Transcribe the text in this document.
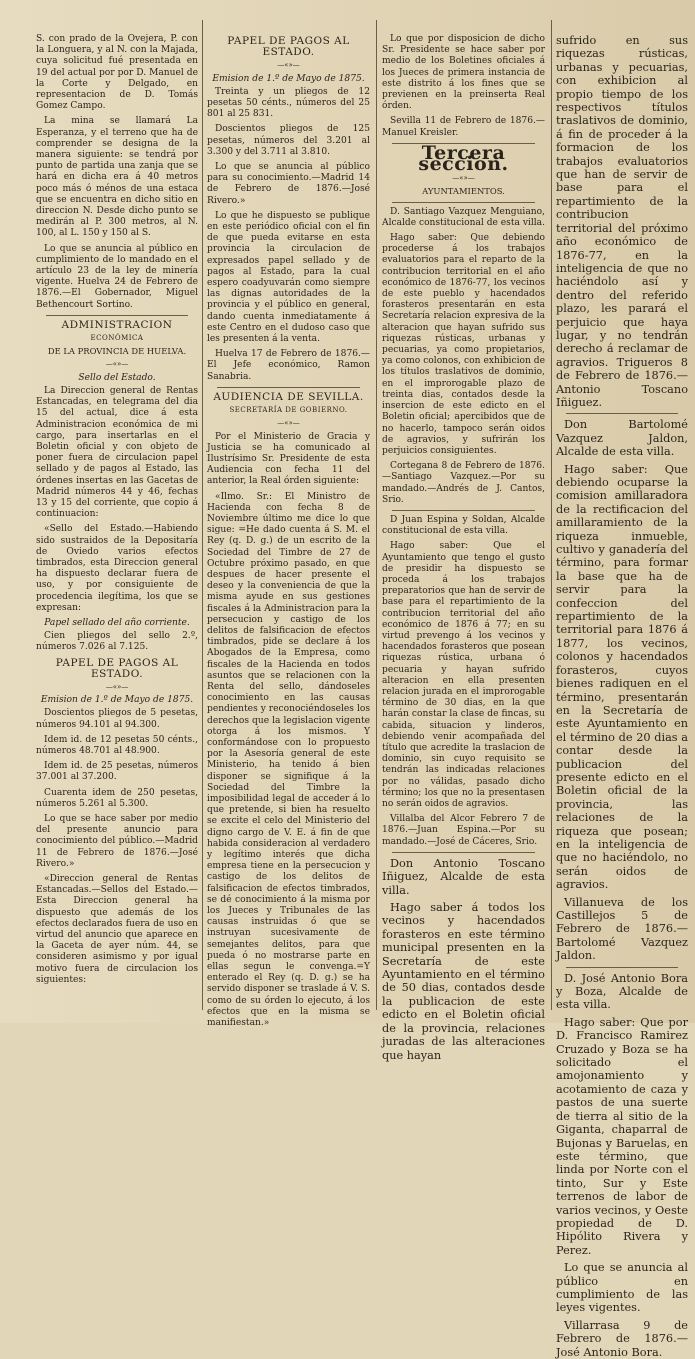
S. con prado de la Ovejera, P. con la Longuera, y al N. con la Majada, cuya solicitud fué presentada en 19 del actual por por D. Manuel de la Corte y Delgado, en representacion de D. Tomás Gomez Campo.

La mina se llamará La Esperanza, y el terreno que ha de comprender se designa de la manera siguiente: se tendrá por punto de partida una zanja que se hará en dicha era á 40 metros poco más ó ménos de una estaca que se encuentra en dicho sitio en direccion N. Desde dicho punto se medirán al P. 300 metros, al N. 100, al L. 150 y 150 al S.

Lo que se anuncia al público en cumplimiento de lo mandado en el artículo 23 de la ley de minería vigente. Huelva 24 de Febrero de 1876.—El Gobernador, Miguel Bethencourt Sortino.

ADMINISTRACION
ECONÓMICA
DE LA PROVINCIA DE HUELVA.
—«»—
Sello del Estado.

La Direccion general de Rentas Estancadas, en telegrama del dia 15 del actual, dice á esta Administracion económica de mi cargo, para insertarlas en el Boletin oficial y con objeto de poner fuera de circulacion papel sellado y de pagos al Estado, las órdenes insertas en las Gacetas de Madrid números 44 y 46, fechas 13 y 15 del corriente, que copio á continuacion:

«Sello del Estado.—Habiendo sido sustraidos de la Depositaría de Oviedo varios efectos timbrados, esta Direccion general ha dispuesto declarar fuera de uso, y por consiguiente de procedencia ilegítima, los que se expresan:

Papel sellado del año corriente.

Cien pliegos del sello 2.º, números 7.026 al 7.125.

PAPEL DE PAGOS AL ESTADO.
—«»—
Emision de 1.º de Mayo de 1875.

Doscientos pliegos de 5 pesetas, números 94.101 al 94.300.

Idem id. de 12 pesetas 50 cénts., números 48.701 al 48.900.

Idem id. de 25 pesetas, números 37.001 al 37.200.

Cuarenta idem de 250 pesetas, números 5.261 al 5.300.

Lo que se hace saber por medio del presente anuncio para conocimiento del público.—Madrid 11 de Febrero de 1876.—José Rivero.»

«Direccion general de Rentas Estancadas.—Sellos del Estado.—Esta Direccion general ha dispuesto que además de los efectos declarados fuera de uso en virtud del anuncio que aparece en la Gaceta de ayer núm. 44, se consideren asimismo y por igual motivo fuera de circulacion los siguientes:

PAPEL DE PAGOS AL ESTADO.
—«»—
Emision de 1.º de Mayo de 1875.

Treinta y un pliegos de 12 pesetas 50 cénts., números del 25 801 al 25 831.

Doscientos pliegos de 125 pesetas, números del 3.201 al 3.300 y del 3.711 al 3.810.

Lo que se anuncia al público para su conocimiento.—Madrid 14 de Febrero de 1876.—José Rivero.»

Lo que he dispuesto se publique en este periódico oficial con el fin de que pueda evitarse en esta provincia la circulacion de expresados papel sellado y de pagos al Estado, para la cual espero coadyuvarán como siempre las dignas autoridades de la provincia y el público en general, dando cuenta inmediatamente á este Centro en el dudoso caso que les presenten á la venta.

Huelva 17 de Febrero de 1876.—El Jefe económico, Ramon Sanabria.

AUDIENCIA DE SEVILLA.
SECRETARÍA DE GOBIERNO.
—«»—

Por el Ministerio de Gracia y Justicia se ha comunicado al Ilustrísimo Sr. Presidente de esta Audiencia con fecha 11 del anterior, la Real órden siguiente:

«Ilmo. Sr.: El Ministro de Hacienda con fecha 8 de Noviembre último me dice lo que sigue: =He dado cuenta á S. M. el Rey (q. D. g.) de un escrito de la Sociedad del Timbre de 27 de Octubre próximo pasado, en que despues de hacer presente el deseo y la conveniencia de que la misma ayude en sus gestiones fiscales á la Administracion para la persecucion y castigo de los delitos de falsificacion de efectos timbrados, pide se declare á los Abogados de la Empresa, como fiscales de la Hacienda en todos asuntos que se relacionen con la Renta del sello, dándoseles conocimiento en las causas pendientes y reconociéndoseles los derechos que la legislacion vigente otorga á los mismos. Y conformándose con lo propuesto por la Asesoría general de este Ministerio, ha tenido á bien disponer se signifique á la Sociedad del Timbre la imposibilidad legal de acceder á lo que pretende, si bien ha resuelto se excite el celo del Ministerio del digno cargo de V. E. á fin de que habida consideracion al verdadero y legítimo interés que dicha empresa tiene en la persecucion y castigo de los delitos de falsificacion de efectos timbrados, se dé conocimiento á la misma por los Jueces y Tribunales de las causas instruidas ó que se instruyan sucesivamente de semejantes delitos, para que pueda ó no mostrarse parte en ellas segun le convenga.=Y enterado el Rey (q. D. g.) se ha servido disponer se traslade á V. S. como de su órden lo ejecuto, á los efectos que en la misma se manifiestan.»

Lo que por disposicion de dicho Sr. Presidente se hace saber por medio de los Boletines oficiales á los Jueces de primera instancia de este distrito á los fines que se previenen en la preinserta Real órden.

Sevilla 11 de Febrero de 1876.—Manuel Kreisler.

Tercera seccion.
—«»—
AYUNTAMIENTOS.

D. Santiago Vazquez Menguiano, Alcalde constitucional de esta villa.

Hago saber: Que debiendo procederse á los trabajos evaluatorios para el reparto de la contribucion territorial en el año económico de 1876-77, los vecinos de este pueblo y hacendados forasteros presentarán en esta Secretaría relacion expresiva de la alteracion que hayan sufrido sus riquezas rústicas, urbanas y pecuarias, ya como propietarios, ya como colonos, con exhibicion de los títulos traslativos de dominio, en el improrogable plazo de treinta dias, contados desde la insercion de este edicto en el Boletin oficial; apercibidos que de no hacerlo, tampoco serán oidos de agravios, y sufrirán los perjuicios consiguientes.

Cortegana 8 de Febrero de 1876.—Santiago Vazquez.—Por su mandado.—Andrés de J. Cantos, Srio.

D Juan Espina y Soldan, Alcalde constitucional de esta villa.

Hago saber: Que el Ayuntamiento que tengo el gusto de presidir ha dispuesto se proceda á los trabajos preparatorios que han de servir de base para el repartimiento de la contribucion territorial del año económico de 1876 á 77; en su virtud prevengo á los vecinos y hacendados forasteros que posean riquezas rústica, urbana ó pecuaria y hayan sufrido alteracion en ella presenten relacion jurada en el improrogable término de 30 dias, en la que harán constar la clase de fincas, su cabida, situacion y linderos, debiendo venir acompañada del título que acredite la traslacion de dominio, sin cuyo requisito se tendrán las indicadas relaciones por no válidas, pasado dicho término; los que no la presentasen no serán oidos de agravios.

Villalba del Alcor Febrero 7 de 1876.—Juan Espina.—Por su mandado.—José de Cáceres, Srio.

Don Antonio Toscano Iñiguez, Alcalde de esta villa.

Hago saber á todos los vecinos y hacendados forasteros en este término municipal presenten en la Secretaría de este Ayuntamiento en el término de 50 dias, contados desde la publicacion de este edicto en el Boletin oficial de la provincia, relaciones juradas de las alteraciones que hayan

sufrido en sus riquezas rústicas, urbanas y pecuarias, con exhibicion al propio tiempo de los respectivos títulos traslativos de dominio, á fin de proceder á la formacion de los trabajos evaluatorios que han de servir de base para el repartimiento de la contribucion territorial del próximo año económico de 1876-77, en la inteligencia de que no haciéndolo así y dentro del referido plazo, les parará el perjuicio que haya lugar, y no tendrán derecho á reclamar de agravios. Trigueros 8 de Febrero de 1876.—Antonio Toscano Iñiguez.

Don Bartolomé Vazquez Jaldon, Alcalde de esta villa.

Hago saber: Que debiendo ocuparse la comision amillaradora de la rectificacion del amillaramiento de la riqueza inmueble, cultivo y ganadería del término, para formar la base que ha de servir para la confeccion del repartimiento de la territorial para 1876 á 1877, los vecinos, colonos y hacendados forasteros, cuyos bienes radiquen en el término, presentarán en la Secretaría de este Ayuntamiento en el término de 20 dias a contar desde la publicacion del presente edicto en el Boletin oficial de la provincia, las relaciones de la riqueza que posean; en la inteligencia de que no haciéndolo, no serán oidos de agravios.

Villanueva de los Castillejos 5 de Febrero de 1876.—Bartolomé Vazquez Jaldon.

D. José Antonio Bora y Boza, Alcalde de esta villa.

Hago saber: Que por D. Francisco Ramirez Cruzado y Boza se ha solicitado el amojonamiento y acotamiento de caza y pastos de una suerte de tierra al sitio de la Giganta, chaparral de Bujonas y Baruelas, en este término, que linda por Norte con el tinto, Sur y Este terrenos de labor de varios vecinos, y Oeste propiedad de D. Hipólito Rivera y Perez.

Lo que se anuncia al público en cumplimiento de las leyes vigentes.

Villarrasa 9 de Febrero de 1876.—José Antonio Bora.
